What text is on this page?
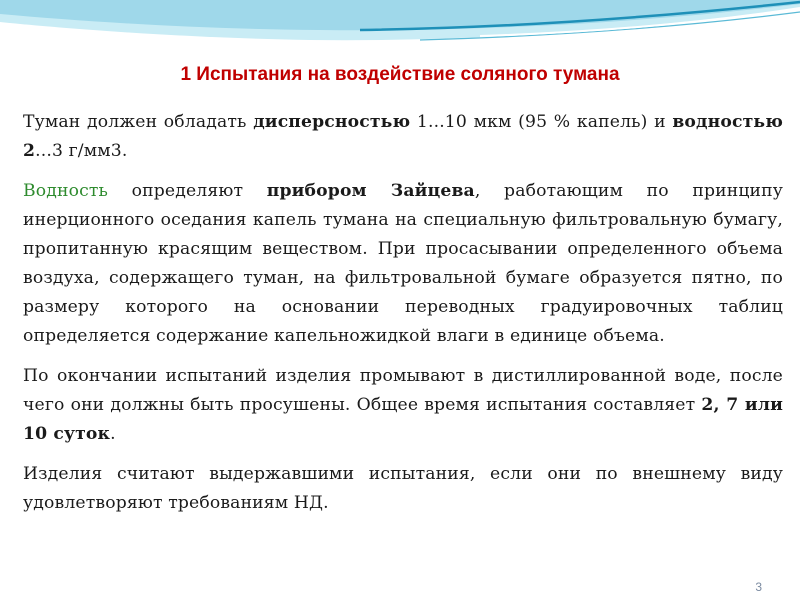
1 Испытания на воздействие соляного тумана

Туман должен обладать дисперсностью 1...10 мкм (95 % капель) и водностью 2...3 г/мм3.

Водность определяют прибором Зайцева, работающим по принципу инерционного оседания капель тумана на специальную фильтровальную бумагу, пропитанную красящим веществом. При просасывании определенного объема воздуха, содержащего туман, на фильтровальной бумаге образуется пятно, по размеру которого на основании переводных градуировочных таблиц определяется содержание капельножидкой влаги в единице объема.

По окончании испытаний изделия промывают в дистиллированной воде, после чего они должны быть просушены. Общее время испытания составляет 2, 7 или 10 суток.

Изделия считают выдержавшими испытания, если они по внешнему виду удовлетворяют требованиям НД.

3
